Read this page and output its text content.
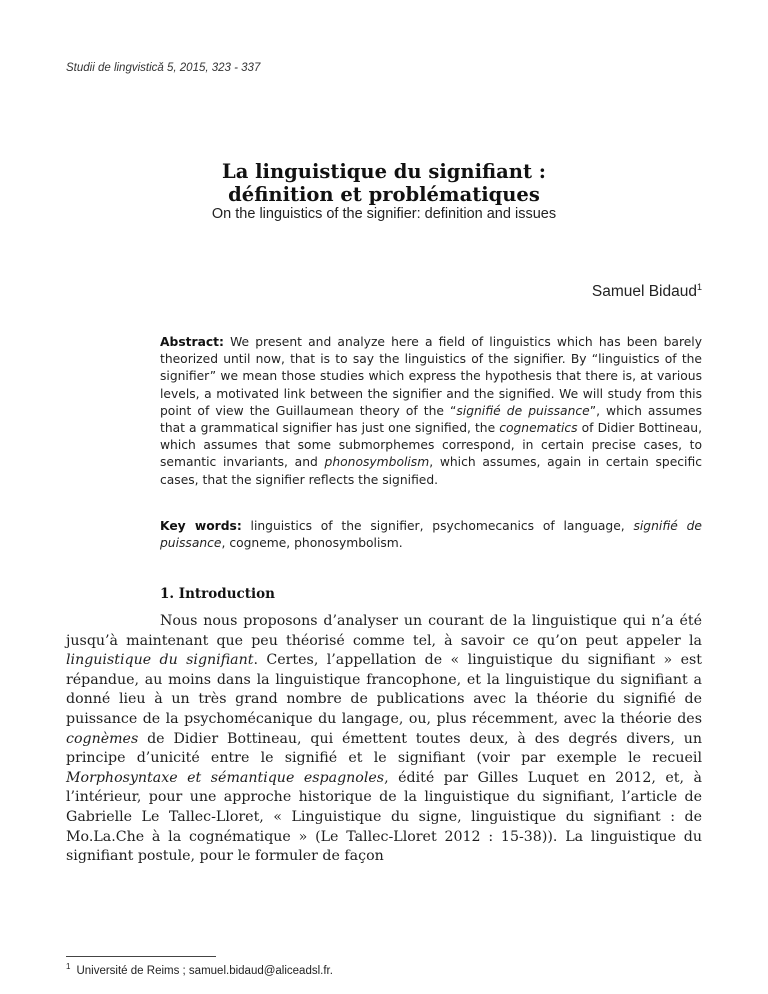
Studii de lingvistică 5, 2015, 323 - 337
La linguistique du signifiant :
définition et problématiques
On the linguistics of the signifier: definition and issues
Samuel Bidaud$^1$
Abstract: We present and analyze here a field of linguistics which has been barely theorized until now, that is to say the linguistics of the signifier. By “linguistics of the signifier” we mean those studies which express the hypothesis that there is, at various levels, a motivated link between the signifier and the signified. We will study from this point of view the Guillaumean theory of the “signifié de puissance”, which assumes that a grammatical signifier has just one signified, the cognematics of Didier Bottineau, which assumes that some submorphemes correspond, in certain precise cases, to semantic invariants, and phonosymbolism, which assumes, again in certain specific cases, that the signifier reflects the signified.
Key words: linguistics of the signifier, psychomecanics of language, signifié de puissance, cogneme, phonosymbolism.
1. Introduction

Nous nous proposons d’analyser un courant de la linguistique qui n’a été jusqu’à maintenant que peu théorisé comme tel, à savoir ce qu’on peut appeler la linguistique du signifiant. Certes, l’appellation de « linguistique du signifiant » est répandue, au moins dans la linguistique francophone, et la linguistique du signifiant a donné lieu à un très grand nombre de publications avec la théorie du signifié de puissance de la psychomécanique du langage, ou, plus récemment, avec la théorie des cognèmes de Didier Bottineau, qui émettent toutes deux, à des degrés divers, un principe d’unicité entre le signifié et le signifiant (voir par exemple le recueil Morphosyntaxe et sémantique espagnoles, édité par Gilles Luquet en 2012, et, à l’intérieur, pour une approche historique de la linguistique du signifiant, l’article de Gabrielle Le Tallec-Lloret, « Linguistique du signe, linguistique du signifiant : de Mo.La.Che à la cognématique » (Le Tallec-Lloret 2012 : 15-38)). La linguistique du signifiant postule, pour le formuler de façon

$^1$ Université de Reims ; samuel.bidaud@aliceadsl.fr.
